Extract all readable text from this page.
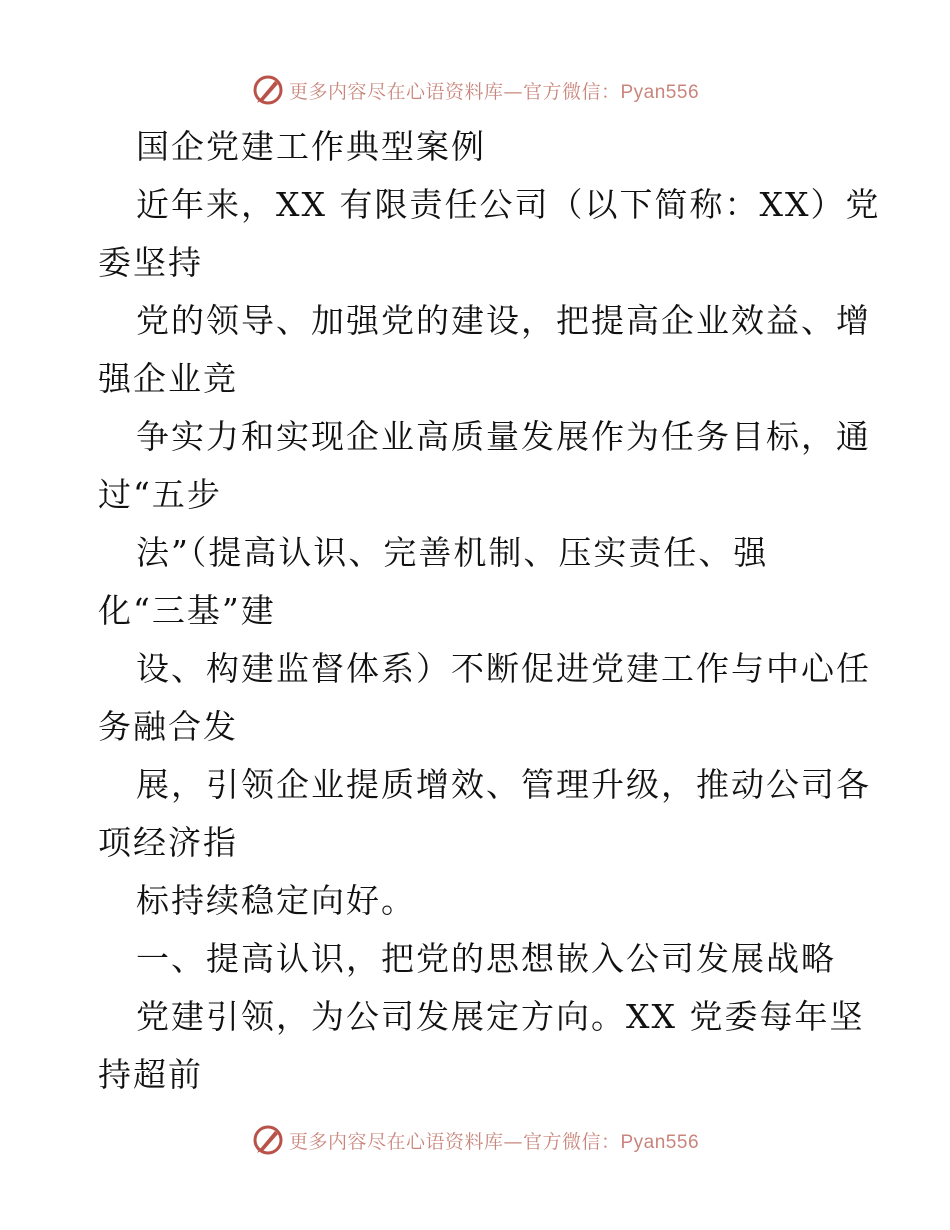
更多内容尽在心语资料库—官方微信：Pyan556
国企党建工作典型案例
近年来，XX 有限责任公司（以下简称：XX）党
委坚持
党的领导、加强党的建设，把提高企业效益、增
强企业竞
争实力和实现企业高质量发展作为任务目标，通
过“五步
法”（提高认识、完善机制、压实责任、强
化“三基”建
设、构建监督体系）不断促进党建工作与中心任
务融合发
展，引领企业提质增效、管理升级，推动公司各
项经济指
标持续稳定向好。
一、提高认识，把党的思想嵌入公司发展战略
党建引领，为公司发展定方向。XX 党委每年坚
持超前
更多内容尽在心语资料库—官方微信：Pyan556
